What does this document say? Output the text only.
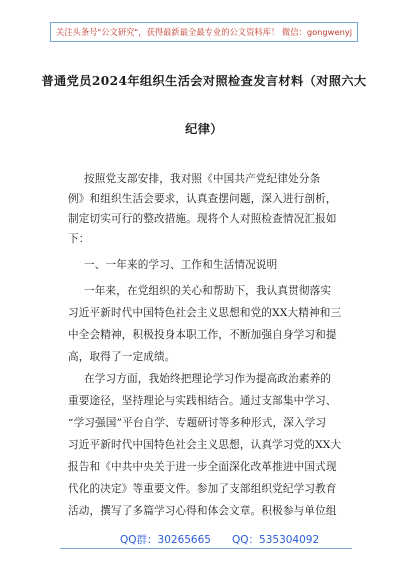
关注头条号"公文研究"，获得最新最全最专业的公文资料库！ 微信：gongwenyj
普通党员2024年组织生活会对照检查发言材料（对照六大
纪律）
按照党支部安排，我对照《中国共产党纪律处分条
例》和组织生活会要求，认真查摆问题，深入进行剖析，
制定切实可行的整改措施。现将个人对照检查情况汇报如
下：
一、一年来的学习、工作和生活情况说明
一年来，在党组织的关心和帮助下，我认真贯彻落实
习近平新时代中国特色社会主义思想和党的XX大精神和三
中全会精神，积极投身本职工作，不断加强自身学习和提
高，取得了一定成绩。
在学习方面，我始终把理论学习作为提高政治素养的
重要途径，坚持理论与实践相结合。通过支部集中学习、
“学习强国”平台自学、专题研讨等多种形式，深入学习
习近平新时代中国特色社会主义思想，认真学习党的XX大
报告和《中共中央关于进一步全面深化改革推进中国式现
代化的决定》等重要文件。参加了支部组织党纪学习教育
活动，撰写了多篇学习心得和体会文章。积极参与单位组
QQ群：30265665 QQ：535304092
